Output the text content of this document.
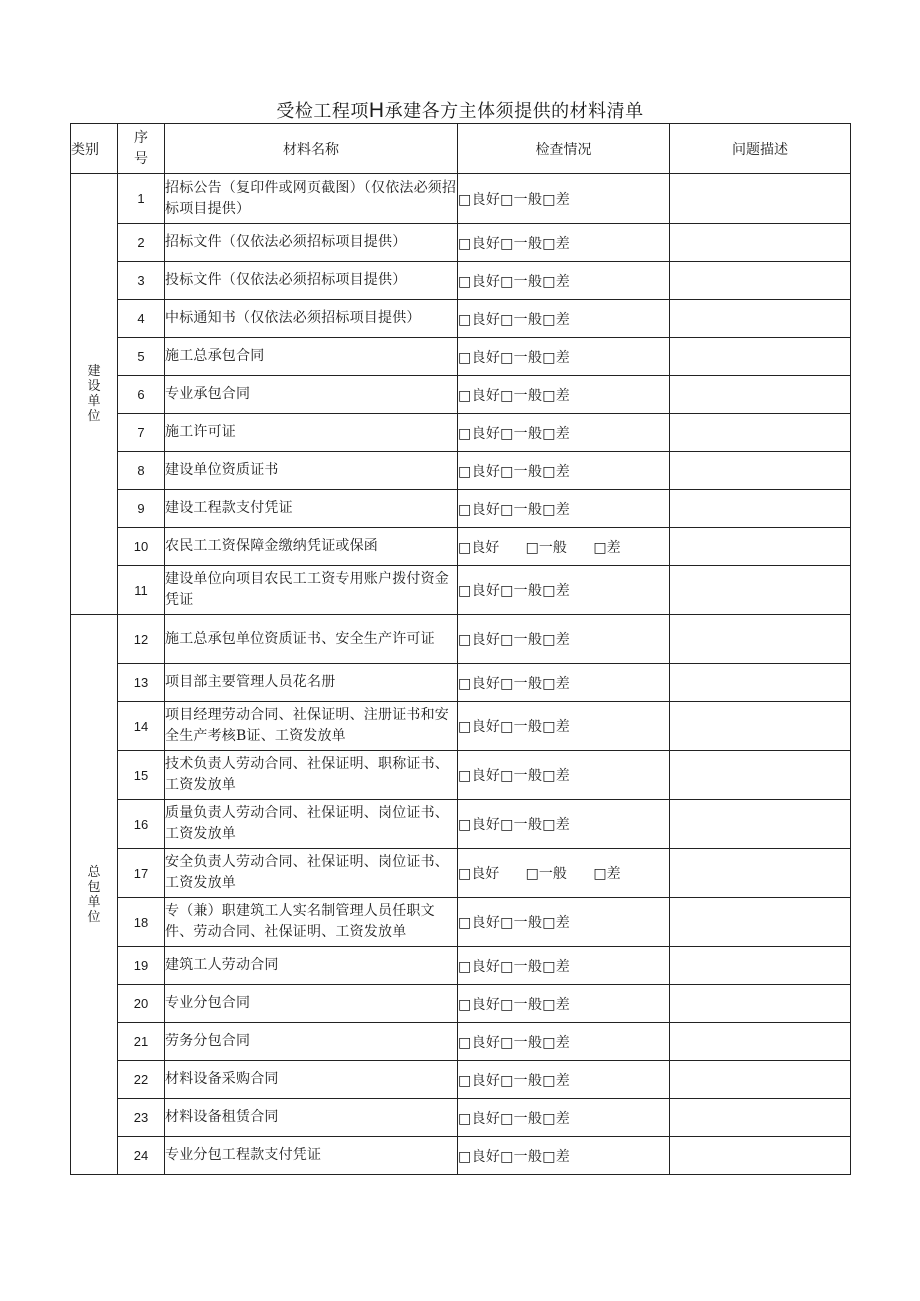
受检工程项H承建各方主体须提供的材料清单
类别	序号	材料名称	检查情况	问题描述
建设单位	1	招标公告（复印件或网页截图）（仅依法必须招标项目提供）	□良好□一般□差	
	2	招标文件（仅依法必须招标项目提供）	□良好□一般□差	
	3	投标文件（仅依法必须招标项目提供）	□良好□一般□差	
	4	中标通知书（仅依法必须招标项目提供）	□良好□一般□差	
	5	施工总承包合同	□良好□一般□差	
	6	专业承包合同	□良好□一般□差	
	7	施工许可证	□良好□一般□差	
	8	建设单位资质证书	□良好□一般□差	
	9	建设工程款支付凭证	□良好□一般□差	
	10	农民工工资保障金缴纳凭证或保函	□良好 □一般 □差	
	11	建设单位向项目农民工工资专用账户拨付资金凭证	□良好□一般□差	
总包单位	12	施工总承包单位资质证书、安全生产许可证	□良好□一般□差	
	13	项目部主要管理人员花名册	□良好□一般□差	
	14	项目经理劳动合同、社保证明、注册证书和安全生产考核B证、工资发放单	□良好□一般□差	
	15	技术负责人劳动合同、社保证明、职称证书、工资发放单	□良好□一般□差	
	16	质量负责人劳动合同、社保证明、岗位证书、工资发放单	□良好□一般□差	
	17	安全负责人劳动合同、社保证明、岗位证书、工资发放单	□良好 □一般 □差	
	18	专（兼）职建筑工人实名制管理人员任职文件、劳动合同、社保证明、工资发放单	□良好□一般□差	
	19	建筑工人劳动合同	□良好□一般□差	
	20	专业分包合同	□良好□一般□差	
	21	劳务分包合同	□良好□一般□差	
	22	材料设备采购合同	□良好□一般□差	
	23	材料设备租赁合同	□良好□一般□差	
	24	专业分包工程款支付凭证	□良好□一般□差	
